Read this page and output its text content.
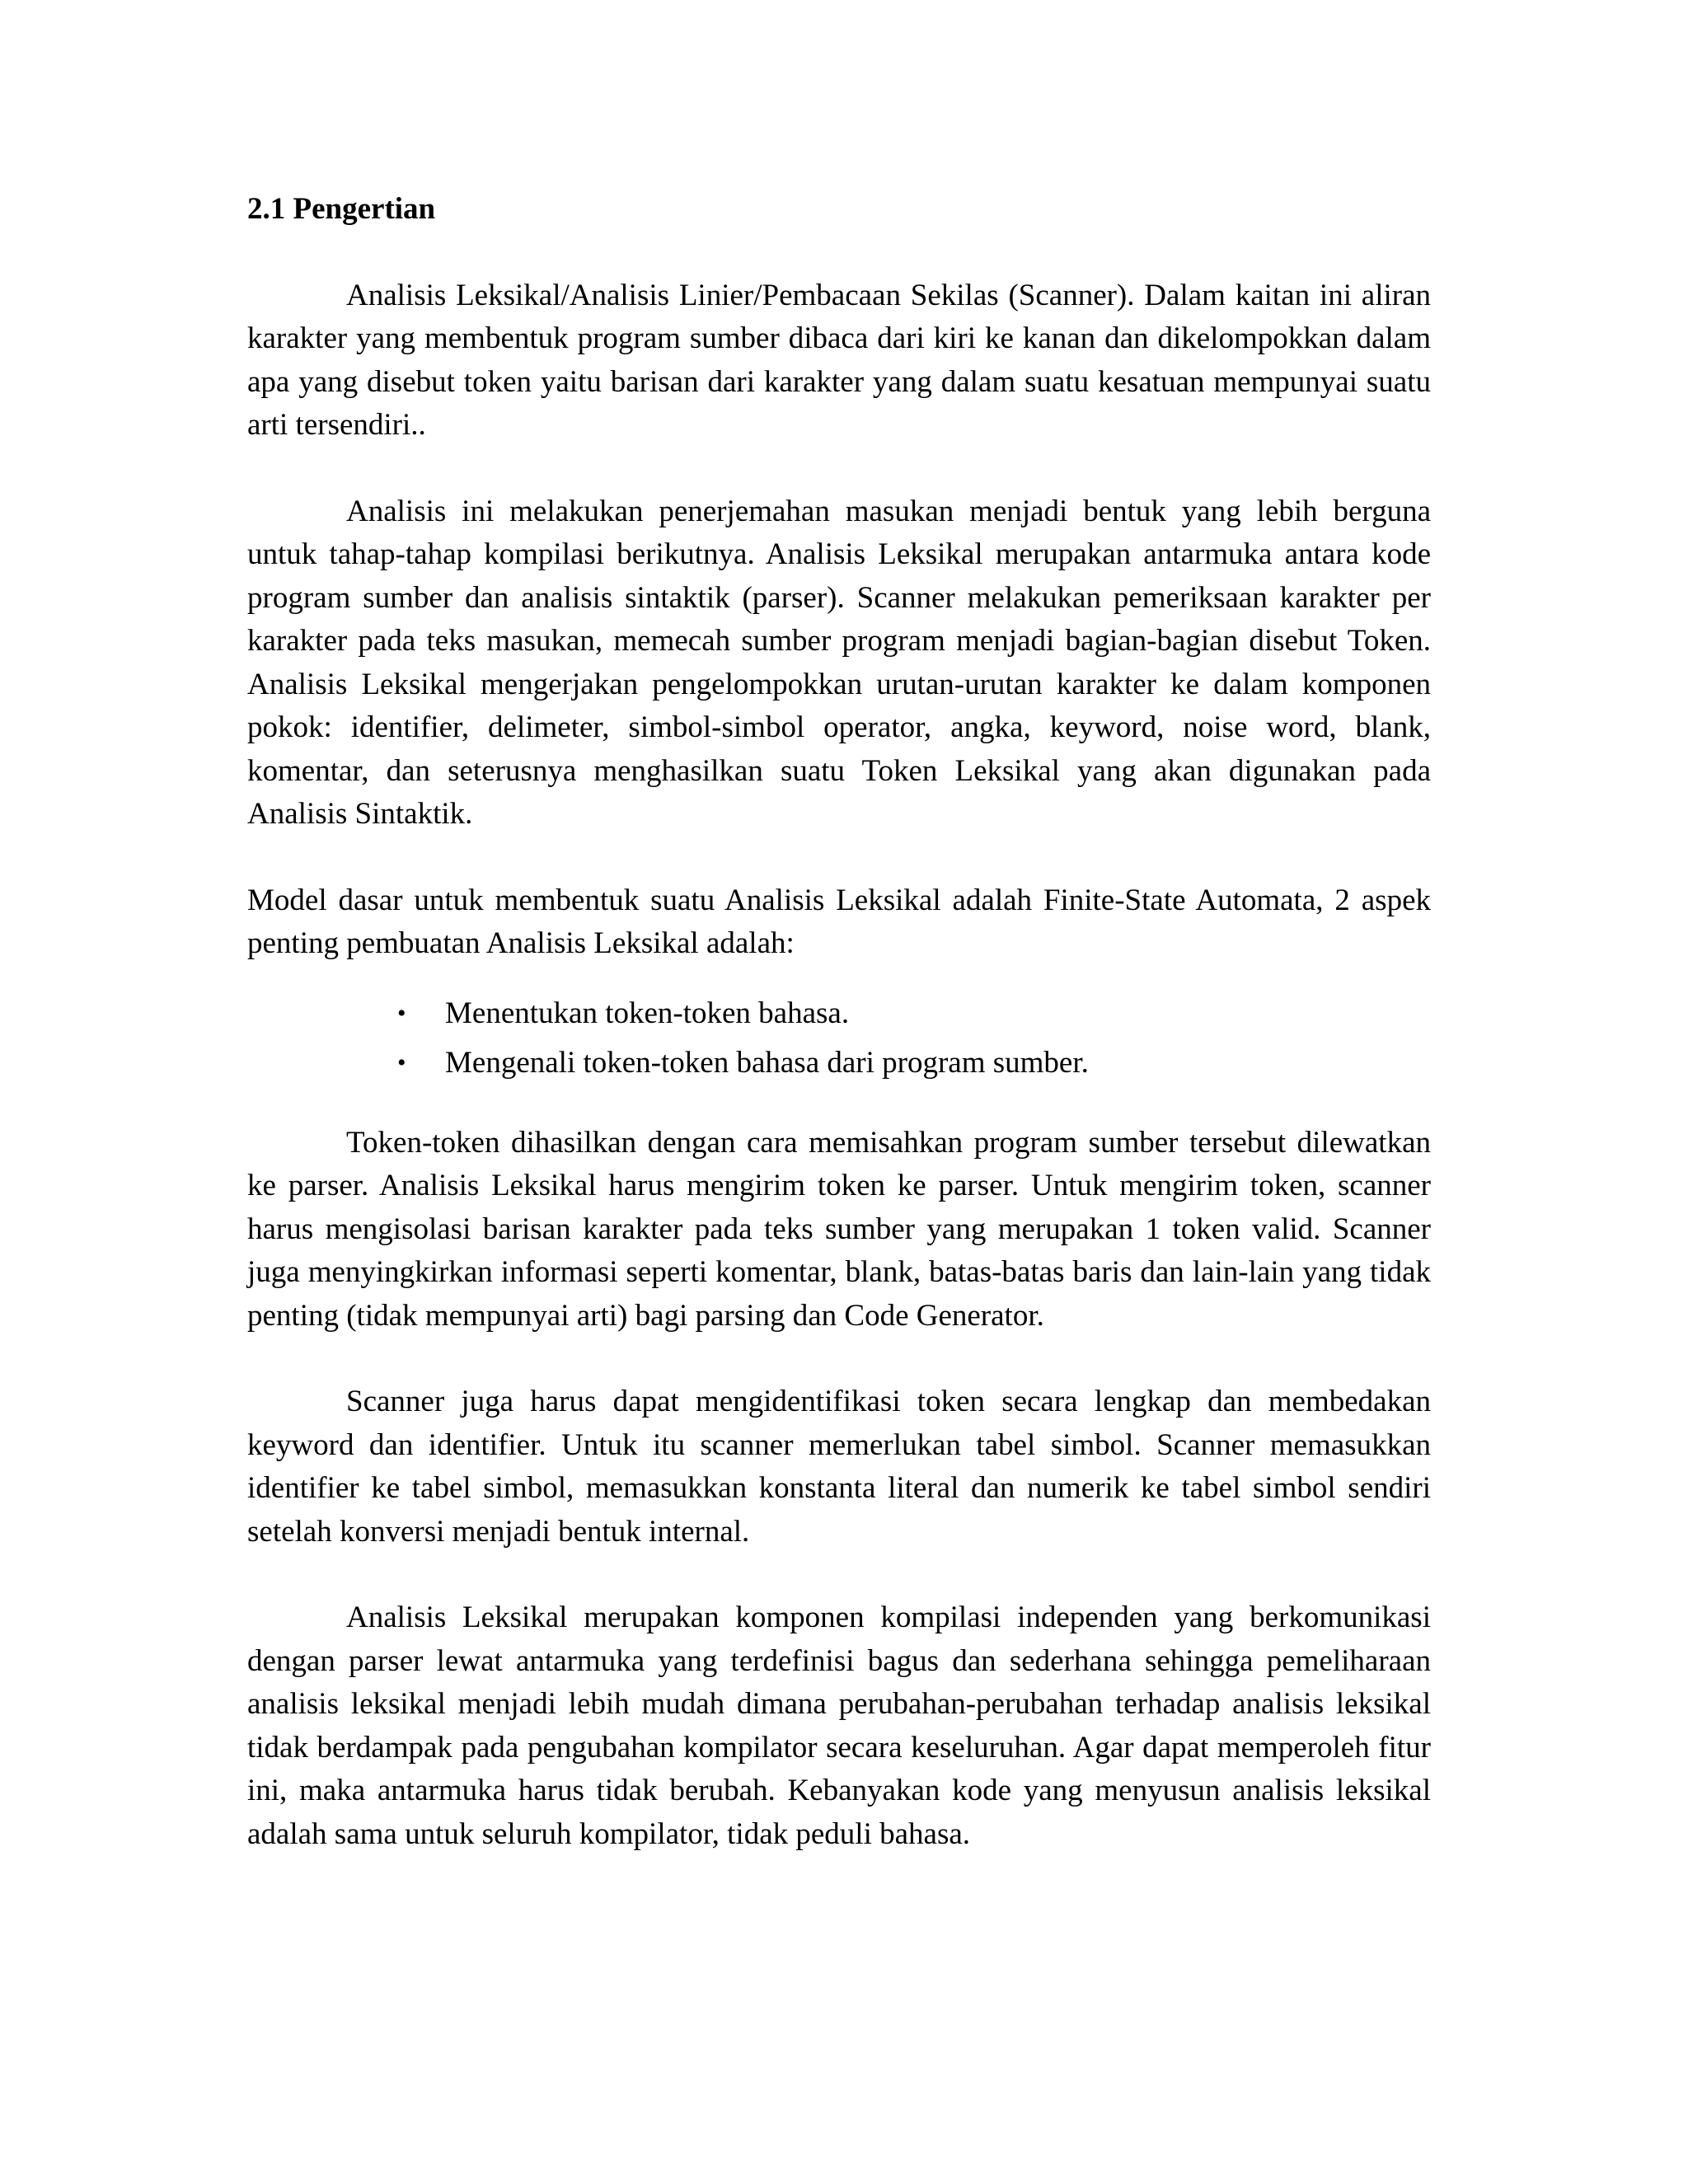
2.1 Pengertian

Analisis Leksikal/Analisis Linier/Pembacaan Sekilas (Scanner). Dalam kaitan ini aliran karakter yang membentuk program sumber dibaca dari kiri ke kanan dan dikelompokkan dalam apa yang disebut token yaitu barisan dari karakter yang dalam suatu kesatuan mempunyai suatu arti tersendiri..

Analisis ini melakukan penerjemahan masukan menjadi bentuk yang lebih berguna untuk tahap-tahap kompilasi berikutnya. Analisis Leksikal merupakan antarmuka antara kode program sumber dan analisis sintaktik (parser). Scanner melakukan pemeriksaan karakter per karakter pada teks masukan, memecah sumber program menjadi bagian-bagian disebut Token. Analisis Leksikal mengerjakan pengelompokkan urutan-urutan karakter ke dalam komponen pokok: identifier, delimeter, simbol-simbol operator, angka, keyword, noise word, blank, komentar, dan seterusnya menghasilkan suatu Token Leksikal yang akan digunakan pada Analisis Sintaktik.

Model dasar untuk membentuk suatu Analisis Leksikal adalah Finite-State Automata, 2 aspek penting pembuatan Analisis Leksikal adalah:

• Menentukan token-token bahasa.
• Mengenali token-token bahasa dari program sumber.

Token-token dihasilkan dengan cara memisahkan program sumber tersebut dilewatkan ke parser. Analisis Leksikal harus mengirim token ke parser. Untuk mengirim token, scanner harus mengisolasi barisan karakter pada teks sumber yang merupakan 1 token valid. Scanner juga menyingkirkan informasi seperti komentar, blank, batas-batas baris dan lain-lain yang tidak penting (tidak mempunyai arti) bagi parsing dan Code Generator.

Scanner juga harus dapat mengidentifikasi token secara lengkap dan membedakan keyword dan identifier. Untuk itu scanner memerlukan tabel simbol. Scanner memasukkan identifier ke tabel simbol, memasukkan konstanta literal dan numerik ke tabel simbol sendiri setelah konversi menjadi bentuk internal.

Analisis Leksikal merupakan komponen kompilasi independen yang berkomunikasi dengan parser lewat antarmuka yang terdefinisi bagus dan sederhana sehingga pemeliharaan analisis leksikal menjadi lebih mudah dimana perubahan-perubahan terhadap analisis leksikal tidak berdampak pada pengubahan kompilator secara keseluruhan. Agar dapat memperoleh fitur ini, maka antarmuka harus tidak berubah. Kebanyakan kode yang menyusun analisis leksikal adalah sama untuk seluruh kompilator, tidak peduli bahasa.
